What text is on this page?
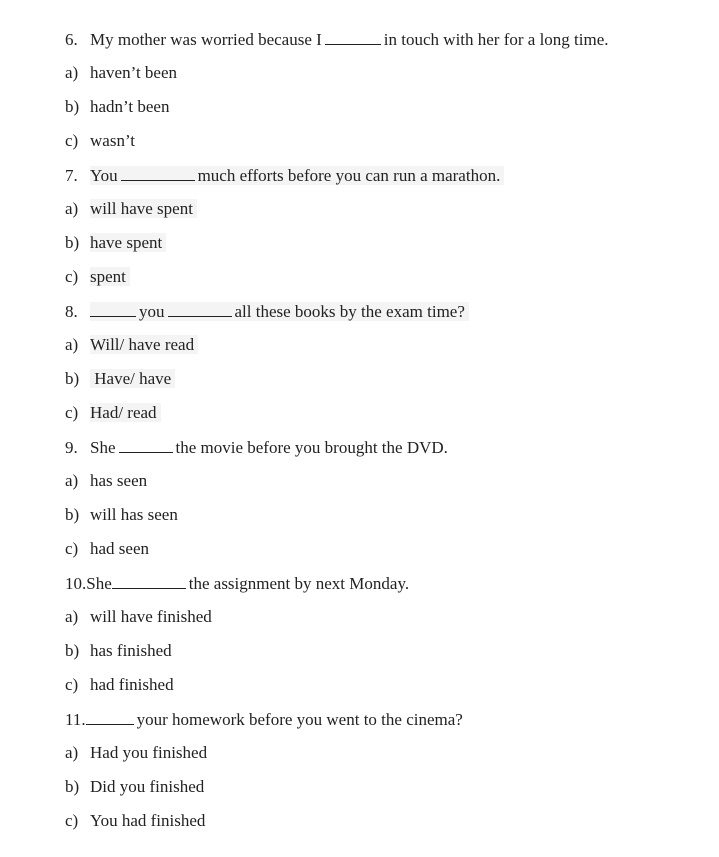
6. My mother was worried because I	in touch with her for a long time.

a) haven’t been

b) hadn’t been

c) wasn’t

7. You	much efforts before you can run a marathon.

a) will have spent

b) have spent

c) spent

8.	you	all these books by the exam time?

a) Will/ have read

b) Have/ have

c) Had/ read

9. She	the movie before you brought the DVD.

a) has seen

b) will has seen

c) had seen

10.She	the assignment by next Monday.

a) will have finished

b) has finished

c) had finished

11.	your homework before you went to the cinema?

a) Had you finished

b) Did you finished

c) You had finished
